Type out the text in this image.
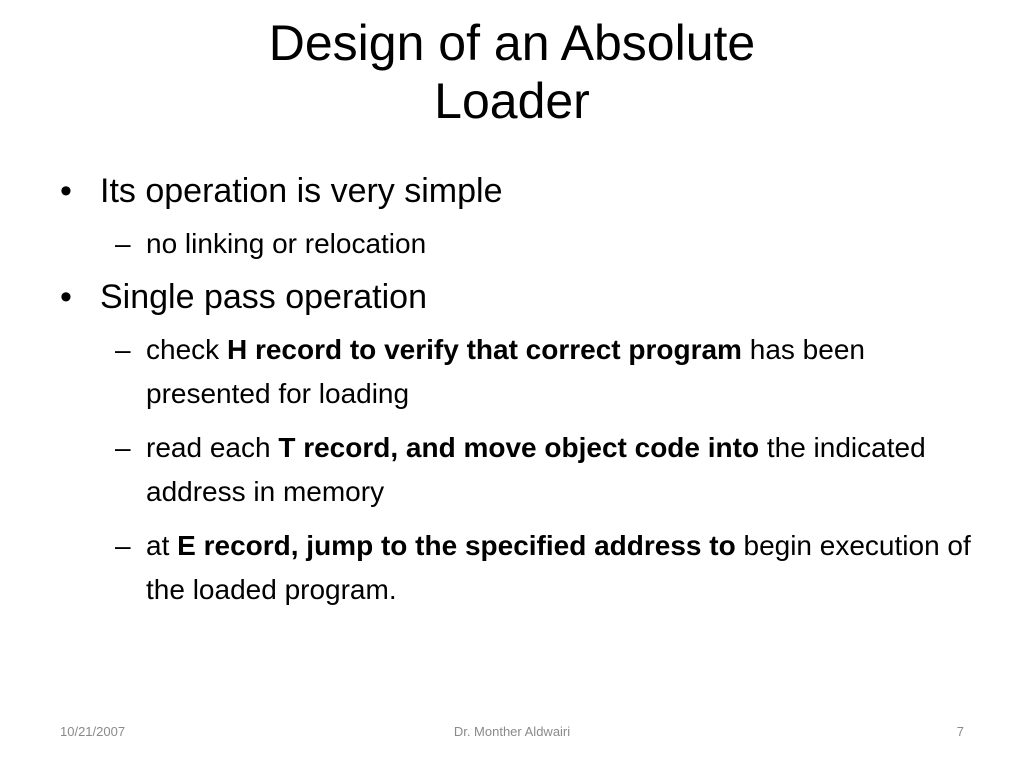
Design of an Absolute
Loader
• Its operation is very simple
– no linking or relocation
• Single pass operation
– check H record to verify that correct program has been presented for loading
– read each T record, and move object code into the indicated address in memory
– at E record, jump to the specified address to begin execution of the loaded program.
10/21/2007	Dr. Monther Aldwairi	7
